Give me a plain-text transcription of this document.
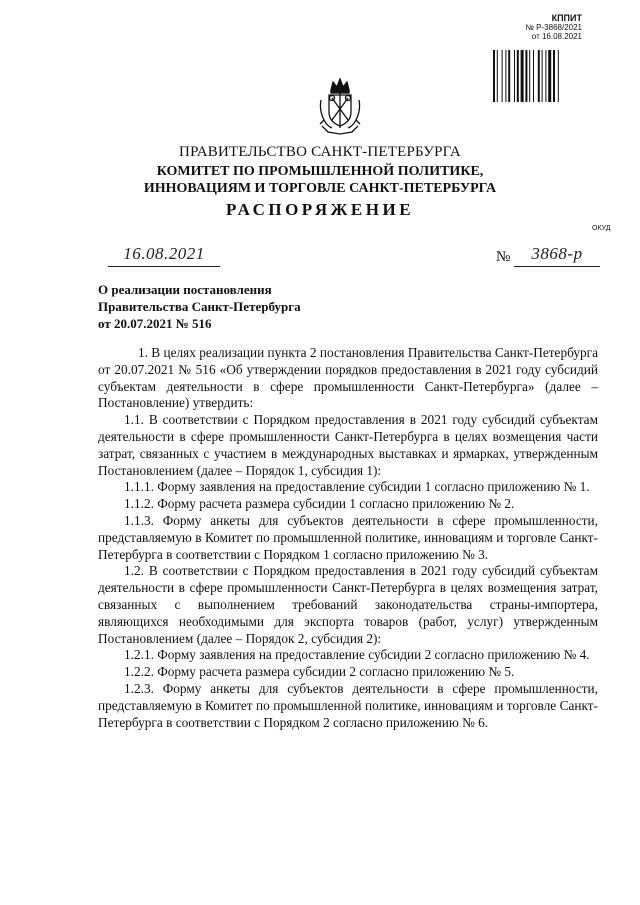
КППИТ
№ Р-3868/2021
от 16.08.2021
ПРАВИТЕЛЬСТВО САНКТ-ПЕТЕРБУРГА
КОМИТЕТ ПО ПРОМЫШЛЕННОЙ ПОЛИТИКЕ,
ИННОВАЦИЯМ И ТОРГОВЛЕ САНКТ-ПЕТЕРБУРГА
РАСПОРЯЖЕНИЕ
ОКУД
16.08.2021	№	3868-р
О реализации постановления
Правительства Санкт-Петербурга
от 20.07.2021 № 516

1. В целях реализации пункта 2 постановления Правительства Санкт-Петербурга от 20.07.2021 № 516 «Об утверждении порядков предоставления в 2021 году субсидий субъектам деятельности в сфере промышленности Санкт-Петербурга» (далее – Постановление) утвердить:

1.1. В соответствии с Порядком предоставления в 2021 году субсидий субъектам деятельности в сфере промышленности Санкт-Петербурга в целях возмещения части затрат, связанных с участием в международных выставках и ярмарках, утвержденным Постановлением (далее – Порядок 1, субсидия 1):

1.1.1. Форму заявления на предоставление субсидии 1 согласно приложению № 1.

1.1.2. Форму расчета размера субсидии 1 согласно приложению № 2.

1.1.3. Форму анкеты для субъектов деятельности в сфере промышленности, представляемую в Комитет по промышленной политике, инновациям и торговле Санкт-Петербурга в соответствии с Порядком 1 согласно приложению № 3.

1.2. В соответствии с Порядком предоставления в 2021 году субсидий субъектам деятельности в сфере промышленности Санкт-Петербурга в целях возмещения затрат, связанных с выполнением требований законодательства страны-импортера, являющихся необходимыми для экспорта товаров (работ, услуг) утвержденным Постановлением (далее – Порядок 2, субсидия 2):

1.2.1. Форму заявления на предоставление субсидии 2 согласно приложению № 4.

1.2.2. Форму расчета размера субсидии 2 согласно приложению № 5.

1.2.3. Форму анкеты для субъектов деятельности в сфере промышленности, представляемую в Комитет по промышленной политике, инновациям и торговле Санкт-Петербурга в соответствии с Порядком 2 согласно приложению № 6.
